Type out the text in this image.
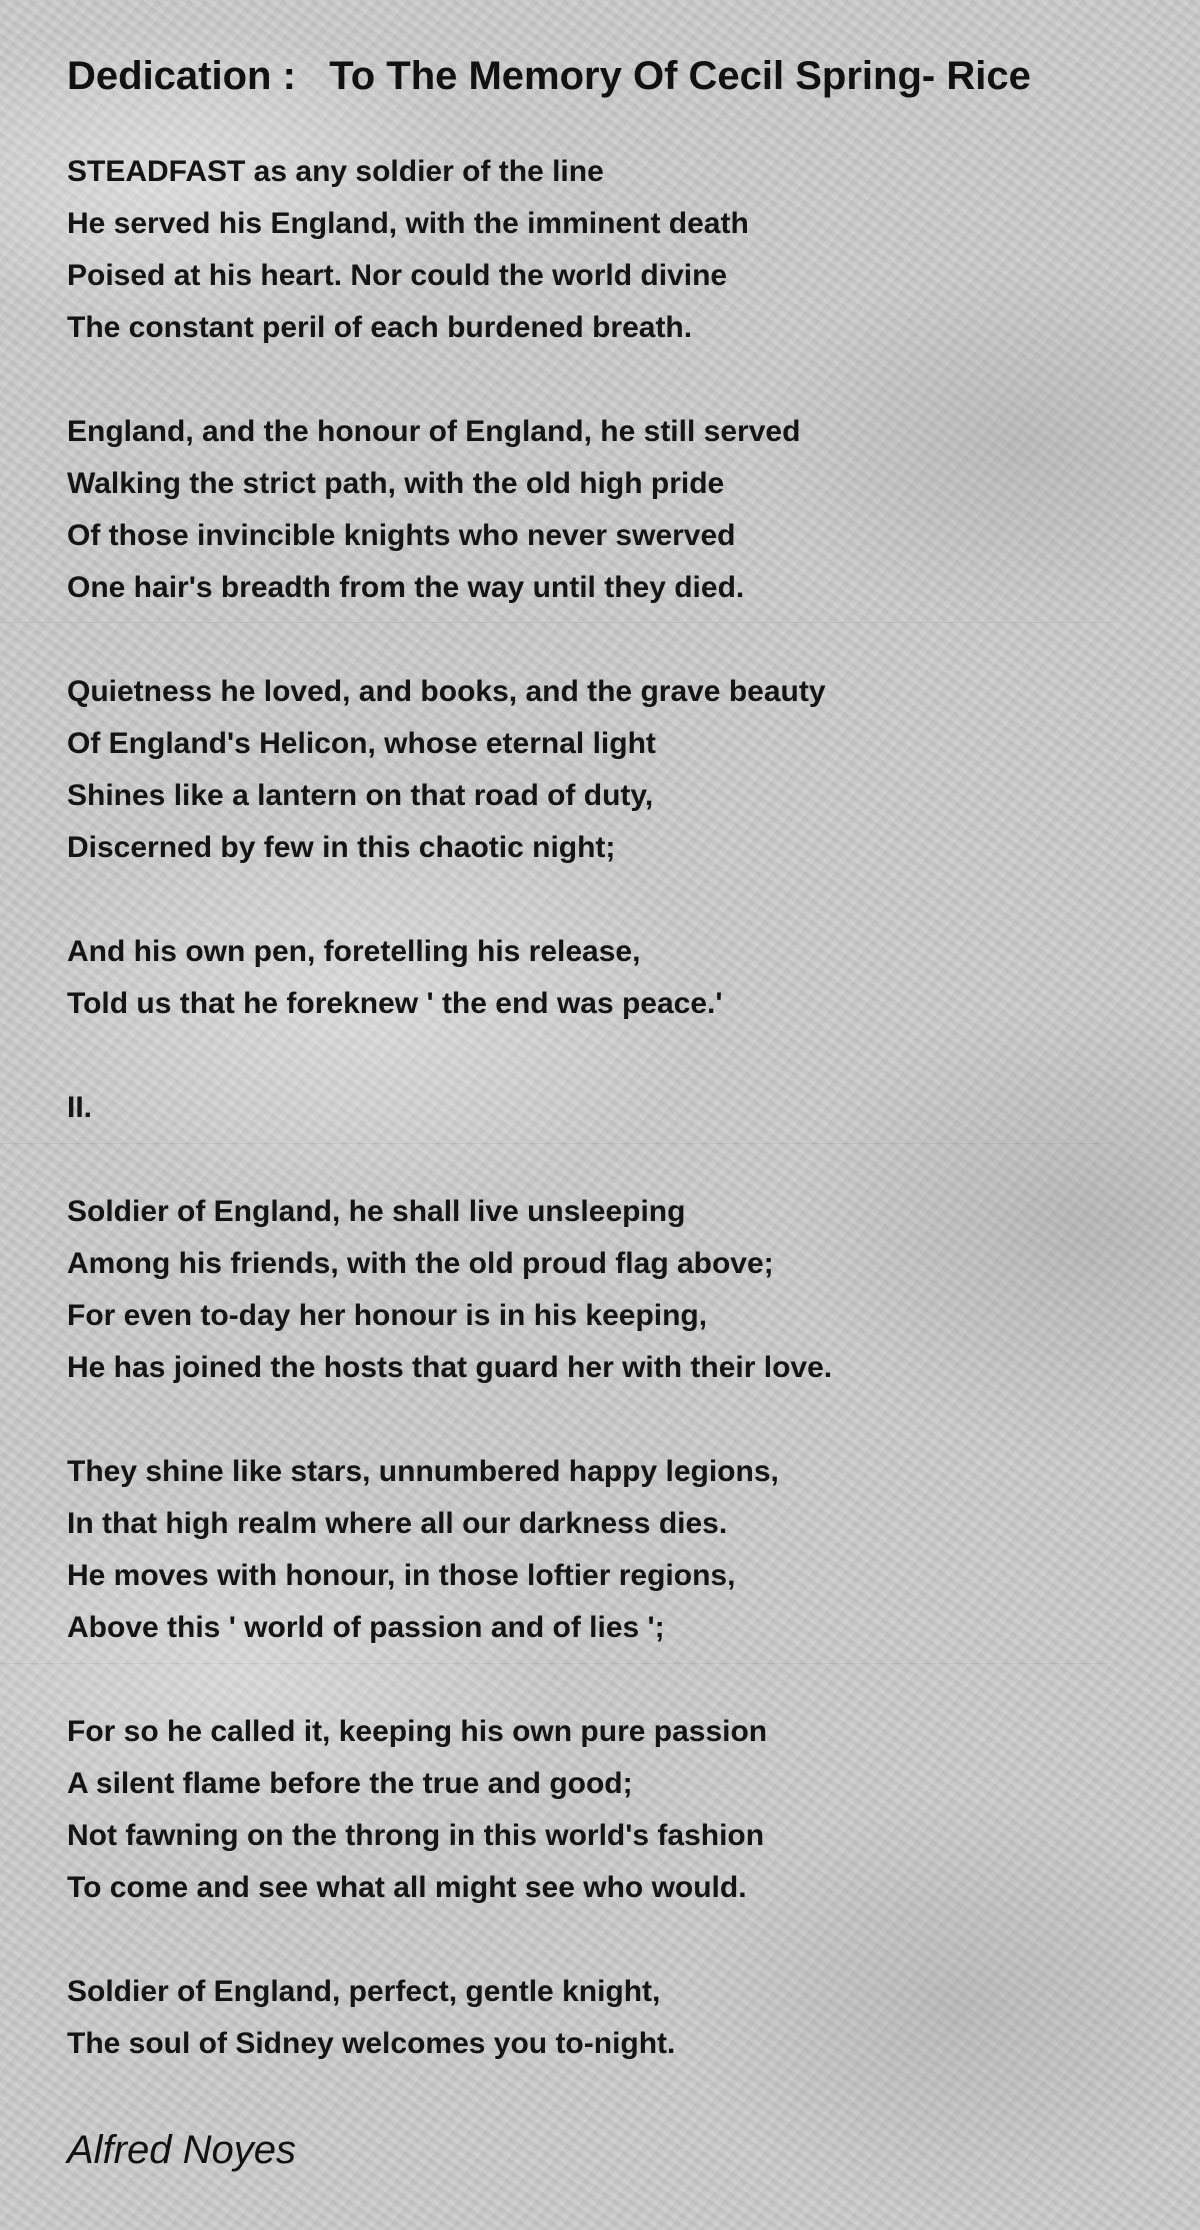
Dedication :   To The Memory Of Cecil Spring- Rice
STEADFAST as any soldier of the line
He served his England, with the imminent death
Poised at his heart. Nor could the world divine
The constant peril of each burdened breath.
England, and the honour of England, he still served
Walking the strict path, with the old high pride
Of those invincible knights who never swerved
One hair's breadth from the way until they died.
Quietness he loved, and books, and the grave beauty
Of England's Helicon, whose eternal light
Shines like a lantern on that road of duty,
Discerned by few in this chaotic night;
And his own pen, foretelling his release,
Told us that he foreknew ' the end was peace.'
II.
Soldier of England, he shall live unsleeping
Among his friends, with the old proud flag above;
For even to-day her honour is in his keeping,
He has joined the hosts that guard her with their love.
They shine like stars, unnumbered happy legions,
In that high realm where all our darkness dies.
He moves with honour, in those loftier regions,
Above this ' world of passion and of lies ';
For so he called it, keeping his own pure passion
A silent flame before the true and good;
Not fawning on the throng in this world's fashion
To come and see what all might see who would.
Soldier of England, perfect, gentle knight,
The soul of Sidney welcomes you to-night.
Alfred Noyes
